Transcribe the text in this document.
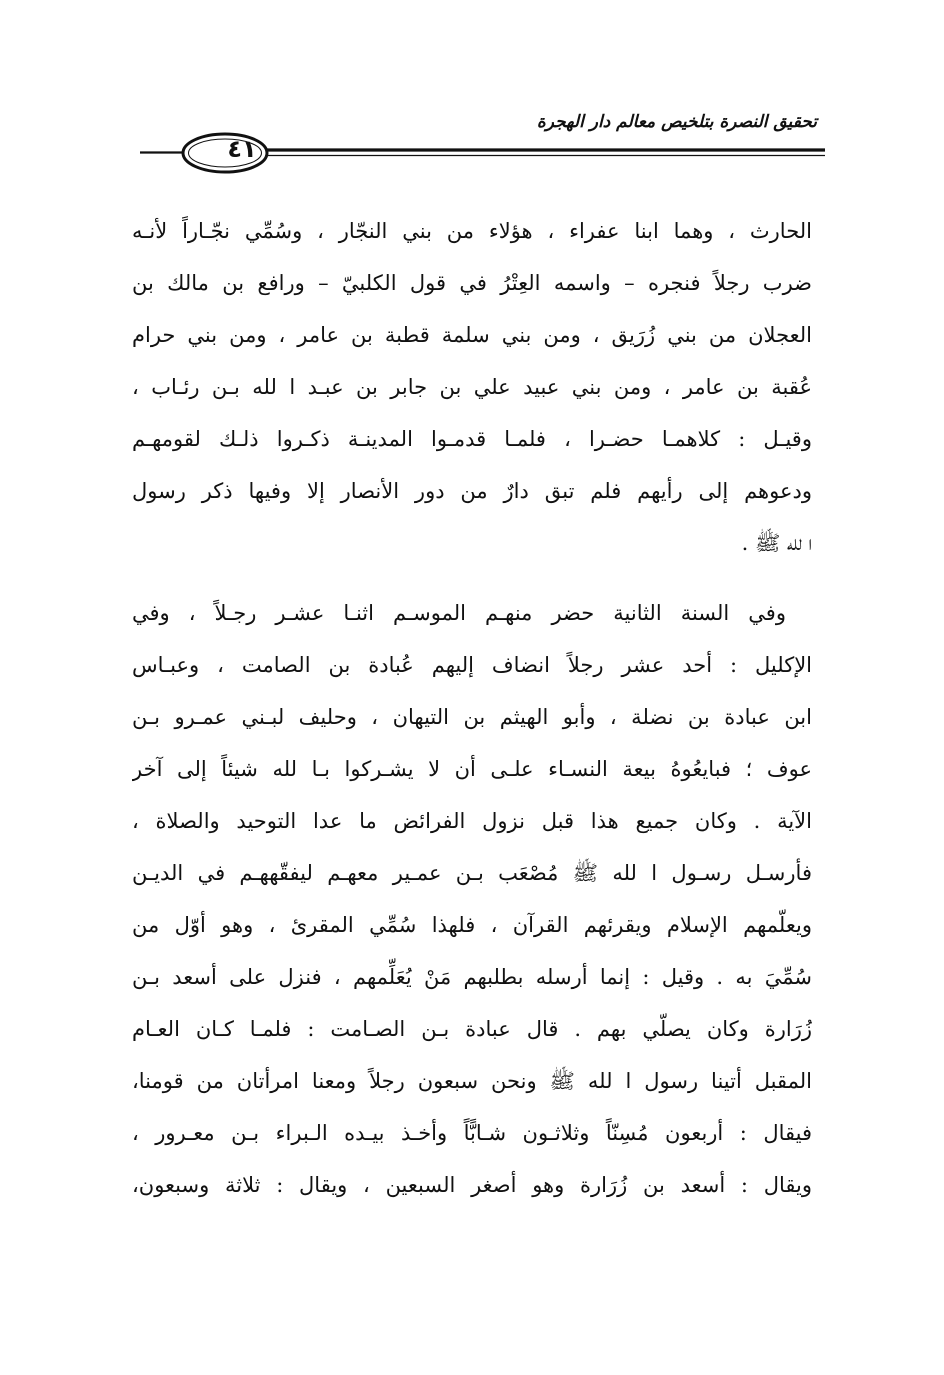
تحقيق النصرة بتلخيص معالم دار الهجرة
٤١
الحارث ، وهما ابنا عفراء ، هؤلاء من بني النجّار ، وسُمِّي نجّـاراً لأنـه
ضرب رجلاً فنجره – واسمه العِتْرُ في قول الكلبيّ – ورافع بن مالك بن
العجلان من بني زُرَيق ، ومن بني سلمة قطبة بن عامر ، ومن بني حرام
عُقبة بن عامر ، ومن بني عبيد علي بن جابر بن عبـد ا لله بـن رئـاب ،
وقيـل : كلاهمـا حضـرا ، فلمـا قدمـوا المدينـة ذكـروا ذلـك لقومهـم
ودعوهم إلى رأيهم فلم تبق دارٌ من دور الأنصار إلا وفيها ذكر رسول
ا لله ﷺ .
وفي السنة الثانية حضر منهـم الموسـم اثنـا عشـر رجـلاً ، وفي
الإكليل : أحد عشر رجلاً انضاف إليهم عُبادة بن الصامت ، وعبـاس
ابن عبادة بن نضلة ، وأبو الهيثم بن التيهان ، وحليف لبـني عمـرو بـن
عوف ؛ فبايعُوهُ بيعة النسـاء علـى أن لا يشـركوا بـا لله شيئاً إلى آخر
الآية . وكان جميع هذا قبل نزول الفرائض ما عدا التوحيد والصلاة ،
فأرسـل رسـول ا لله ﷺ مُصْعَب بـن عمـير معهـم ليفقّههـم في الديـن
ويعلّمهم الإسلام ويقرئهم القرآن ، فلهذا سُمِّي المقرئ ، وهو أوّل من
سُمِّيَ به . وقيل : إنما أرسله بطلبهم مَنْ يُعَلِّمهم ، فنزل على أسعد بـن
زُرَارة وكان يصلّي بهم . قال عبادة بـن الصـامت : فلمـا كـان العـام
المقبل أتينا رسول ا لله ﷺ ونحن سبعون رجلاً ومعنا امرأتان من قومنا،
فيقال : أربعون مُسِنّاً وثلاثـون شـابًّاً وأخـذ بيـده الـبراء بـن معـرور ،
ويقال : أسعد بن زُرَارة وهو أصغر السبعين ، ويقال : ثلاثة وسبعون،
